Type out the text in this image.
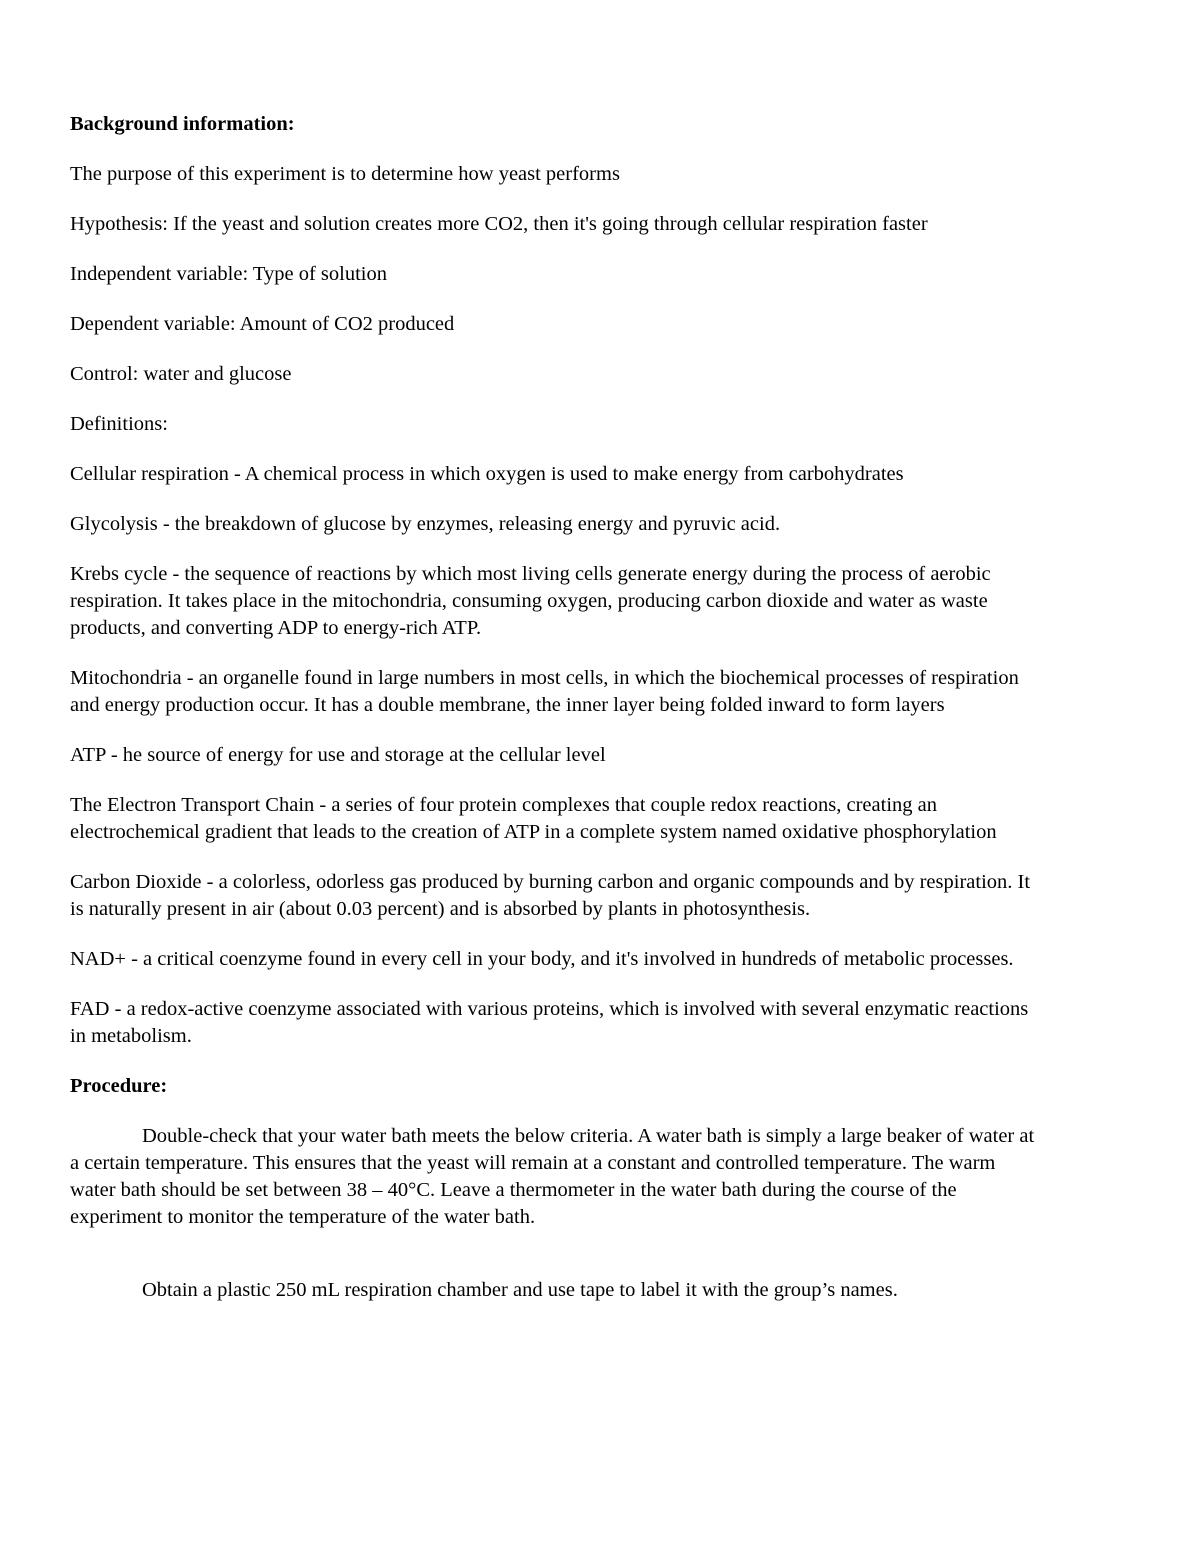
Background information:

The purpose of this experiment is to determine how yeast performs

Hypothesis: If the yeast and solution creates more CO2, then it's going through cellular respiration faster

Independent variable: Type of solution

Dependent variable: Amount of CO2 produced

Control: water and glucose

Definitions:

Cellular respiration - A chemical process in which oxygen is used to make energy from carbohydrates

Glycolysis - the breakdown of glucose by enzymes, releasing energy and pyruvic acid.

Krebs cycle - the sequence of reactions by which most living cells generate energy during the process of aerobic respiration. It takes place in the mitochondria, consuming oxygen, producing carbon dioxide and water as waste products, and converting ADP to energy-rich ATP.

Mitochondria - an organelle found in large numbers in most cells, in which the biochemical processes of respiration and energy production occur. It has a double membrane, the inner layer being folded inward to form layers

ATP - he source of energy for use and storage at the cellular level

The Electron Transport Chain - a series of four protein complexes that couple redox reactions, creating an electrochemical gradient that leads to the creation of ATP in a complete system named oxidative phosphorylation

Carbon Dioxide - a colorless, odorless gas produced by burning carbon and organic compounds and by respiration. It is naturally present in air (about 0.03 percent) and is absorbed by plants in photosynthesis.

NAD+ - a critical coenzyme found in every cell in your body, and it's involved in hundreds of metabolic processes.

FAD - a redox-active coenzyme associated with various proteins, which is involved with several enzymatic reactions in metabolism.

Procedure:

Double-check that your water bath meets the below criteria. A water bath is simply a large beaker of water at a certain temperature. This ensures that the yeast will remain at a constant and controlled temperature. The warm water bath should be set between 38 – 40°C. Leave a thermometer in the water bath during the course of the experiment to monitor the temperature of the water bath.

Obtain a plastic 250 mL respiration chamber and use tape to label it with the group’s names.
